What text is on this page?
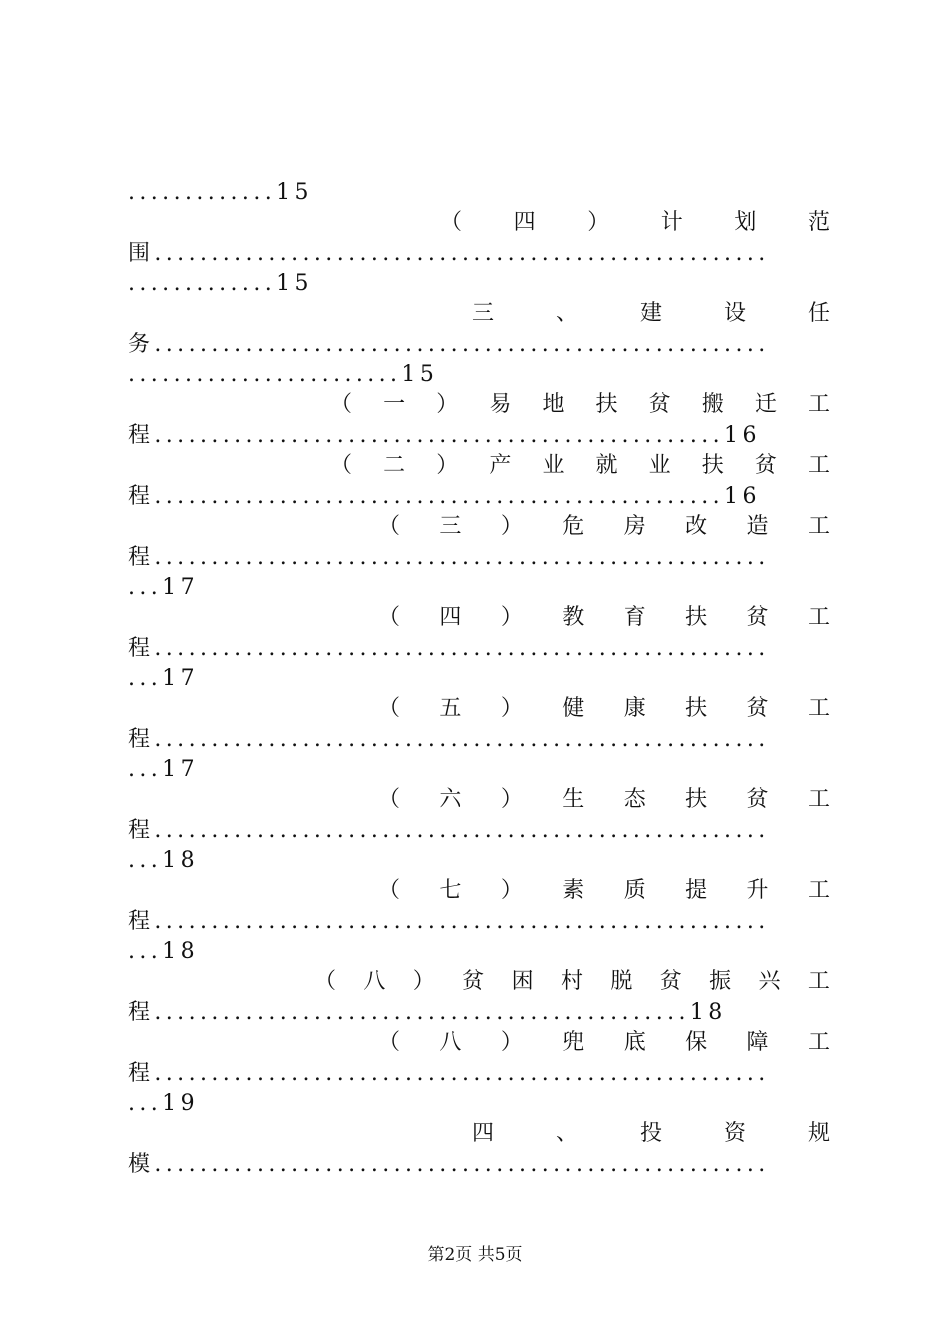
.............15
（ 四 ） 计 划 范
围......................................................
.............15
三	、	建	设	任
务......................................................
........................15
（ 一 ） 易 地 扶 贫 搬 迁 工
程..................................................16
（ 二 ） 产 业 就 业 扶 贫 工
程..................................................16
（ 三 ） 危 房 改 造 工
程......................................................
...17
（ 四 ） 教 育 扶 贫 工
程......................................................
...17
（ 五 ） 健 康 扶 贫 工
程......................................................
...17
（ 六 ） 生 态 扶 贫 工
程......................................................
...18
（ 七 ） 素 质 提 升 工
程......................................................
...18
（ 八 ） 贫 困 村 脱 贫 振 兴 工
程...............................................18
（ 八 ） 兜 底 保 障 工
程......................................................
...19
四	、	投	资	规
模......................................................
第2页 共5页
